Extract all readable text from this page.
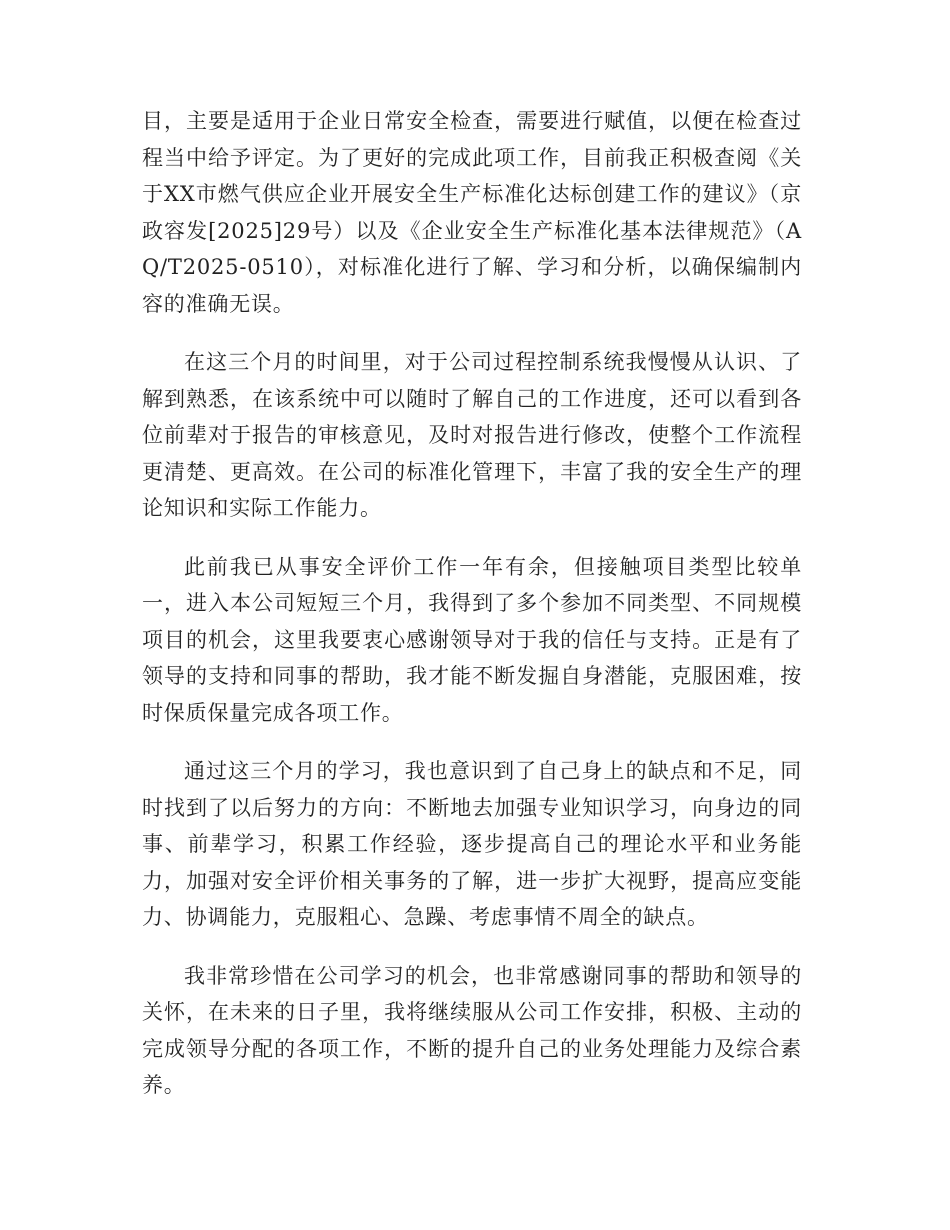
目，主要是适用于企业日常安全检查，需要进行赋值，以便在检查过程当中给予评定。为了更好的完成此项工作，目前我正积极查阅《关于XX市燃气供应企业开展安全生产标准化达标创建工作的建议》（京政容发[2025]29号）以及《企业安全生产标准化基本法律规范》（AQ/T2025-0510），对标准化进行了解、学习和分析，以确保编制内容的准确无误。

在这三个月的时间里，对于公司过程控制系统我慢慢从认识、了解到熟悉，在该系统中可以随时了解自己的工作进度，还可以看到各位前辈对于报告的审核意见，及时对报告进行修改，使整个工作流程更清楚、更高效。在公司的标准化管理下，丰富了我的安全生产的理论知识和实际工作能力。

此前我已从事安全评价工作一年有余，但接触项目类型比较单一，进入本公司短短三个月，我得到了多个参加不同类型、不同规模项目的机会，这里我要衷心感谢领导对于我的信任与支持。正是有了领导的支持和同事的帮助，我才能不断发掘自身潜能，克服困难，按时保质保量完成各项工作。

通过这三个月的学习，我也意识到了自己身上的缺点和不足，同时找到了以后努力的方向：不断地去加强专业知识学习，向身边的同事、前辈学习，积累工作经验，逐步提高自己的理论水平和业务能力，加强对安全评价相关事务的了解，进一步扩大视野，提高应变能力、协调能力，克服粗心、急躁、考虑事情不周全的缺点。

我非常珍惜在公司学习的机会，也非常感谢同事的帮助和领导的关怀，在未来的日子里，我将继续服从公司工作安排，积极、主动的完成领导分配的各项工作，不断的提升自己的业务处理能力及综合素养。
